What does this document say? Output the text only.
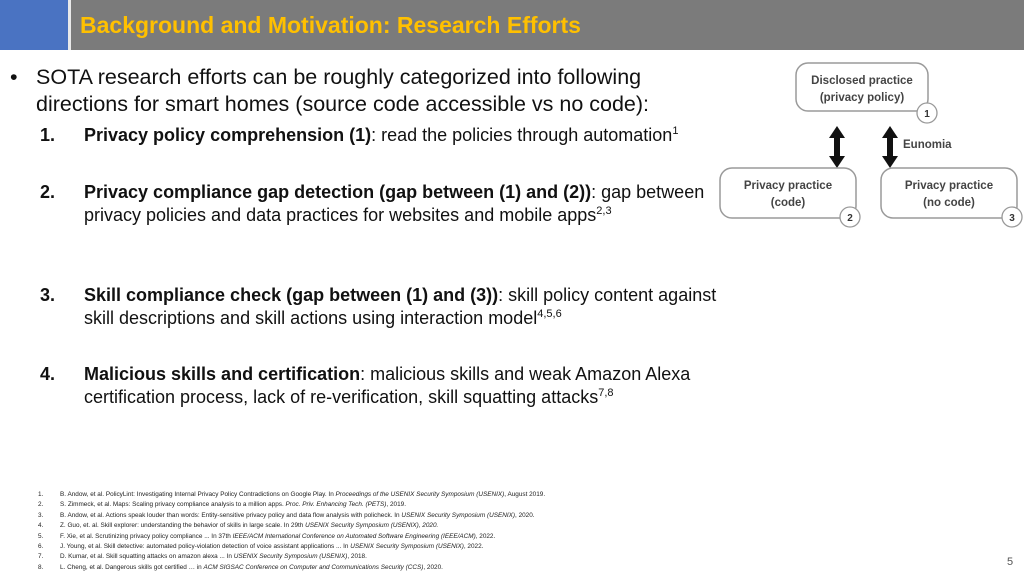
Background and Motivation: Research Efforts
• SOTA research efforts can be roughly categorized into following directions for smart homes (source code accessible vs no code):
1. Privacy policy comprehension (1): read the policies through automation$^1$
2. Privacy compliance gap detection (gap between (1) and (2)): gap between privacy policies and data practices for websites and mobile apps$^{2,3}$
3. Skill compliance check (gap between (1) and (3)): skill policy content against skill descriptions and skill actions using interaction model$^{4,5,6}$
4. Malicious skills and certification: malicious skills and weak Amazon Alexa certification process, lack of re-verification, skill squatting attacks$^{7,8}$
Disclosed practice
(privacy policy)
1
Eunomia
Privacy practice
(code)
2
Privacy practice
(no code)
3
1.	B. Andow, et al. PolicyLint: Investigating Internal Privacy Policy Contradictions on Google Play. In Proceedings of the USENIX Security Symposium (USENIX), August 2019.
2.	S. Zimmeck, et al. Maps: Scaling privacy compliance analysis to a million apps. Proc. Priv. Enhancing Tech. (PETS), 2019.
3.	B. Andow, et al. Actions speak louder than words: Entity-sensitive privacy policy and data flow analysis with policheck. In USENIX Security Symposium (USENIX), 2020.
4.	Z. Guo, et. al. Skill explorer: understanding the behavior of skills in large scale. In 29th USENIX Security Symposium (USENIX), 2020.
5.	F. Xie, et al. Scrutinizing privacy policy compliance ... In 37th IEEE/ACM International Conference on Automated Software Engineering (IEEE/ACM), 2022.
6.	J. Young, et al. Skill detective: automated policy-violation detection of voice assistant applications ... In USENIX Security Symposium (USENIX), 2022.
7.	D. Kumar, et al. Skill squatting attacks on amazon alexa ... In USENIX Security Symposium (USENIX), 2018.
8.	L. Cheng, et al. Dangerous skills got certified … in ACM SIGSAC Conference on Computer and Communications Security (CCS), 2020.	5
